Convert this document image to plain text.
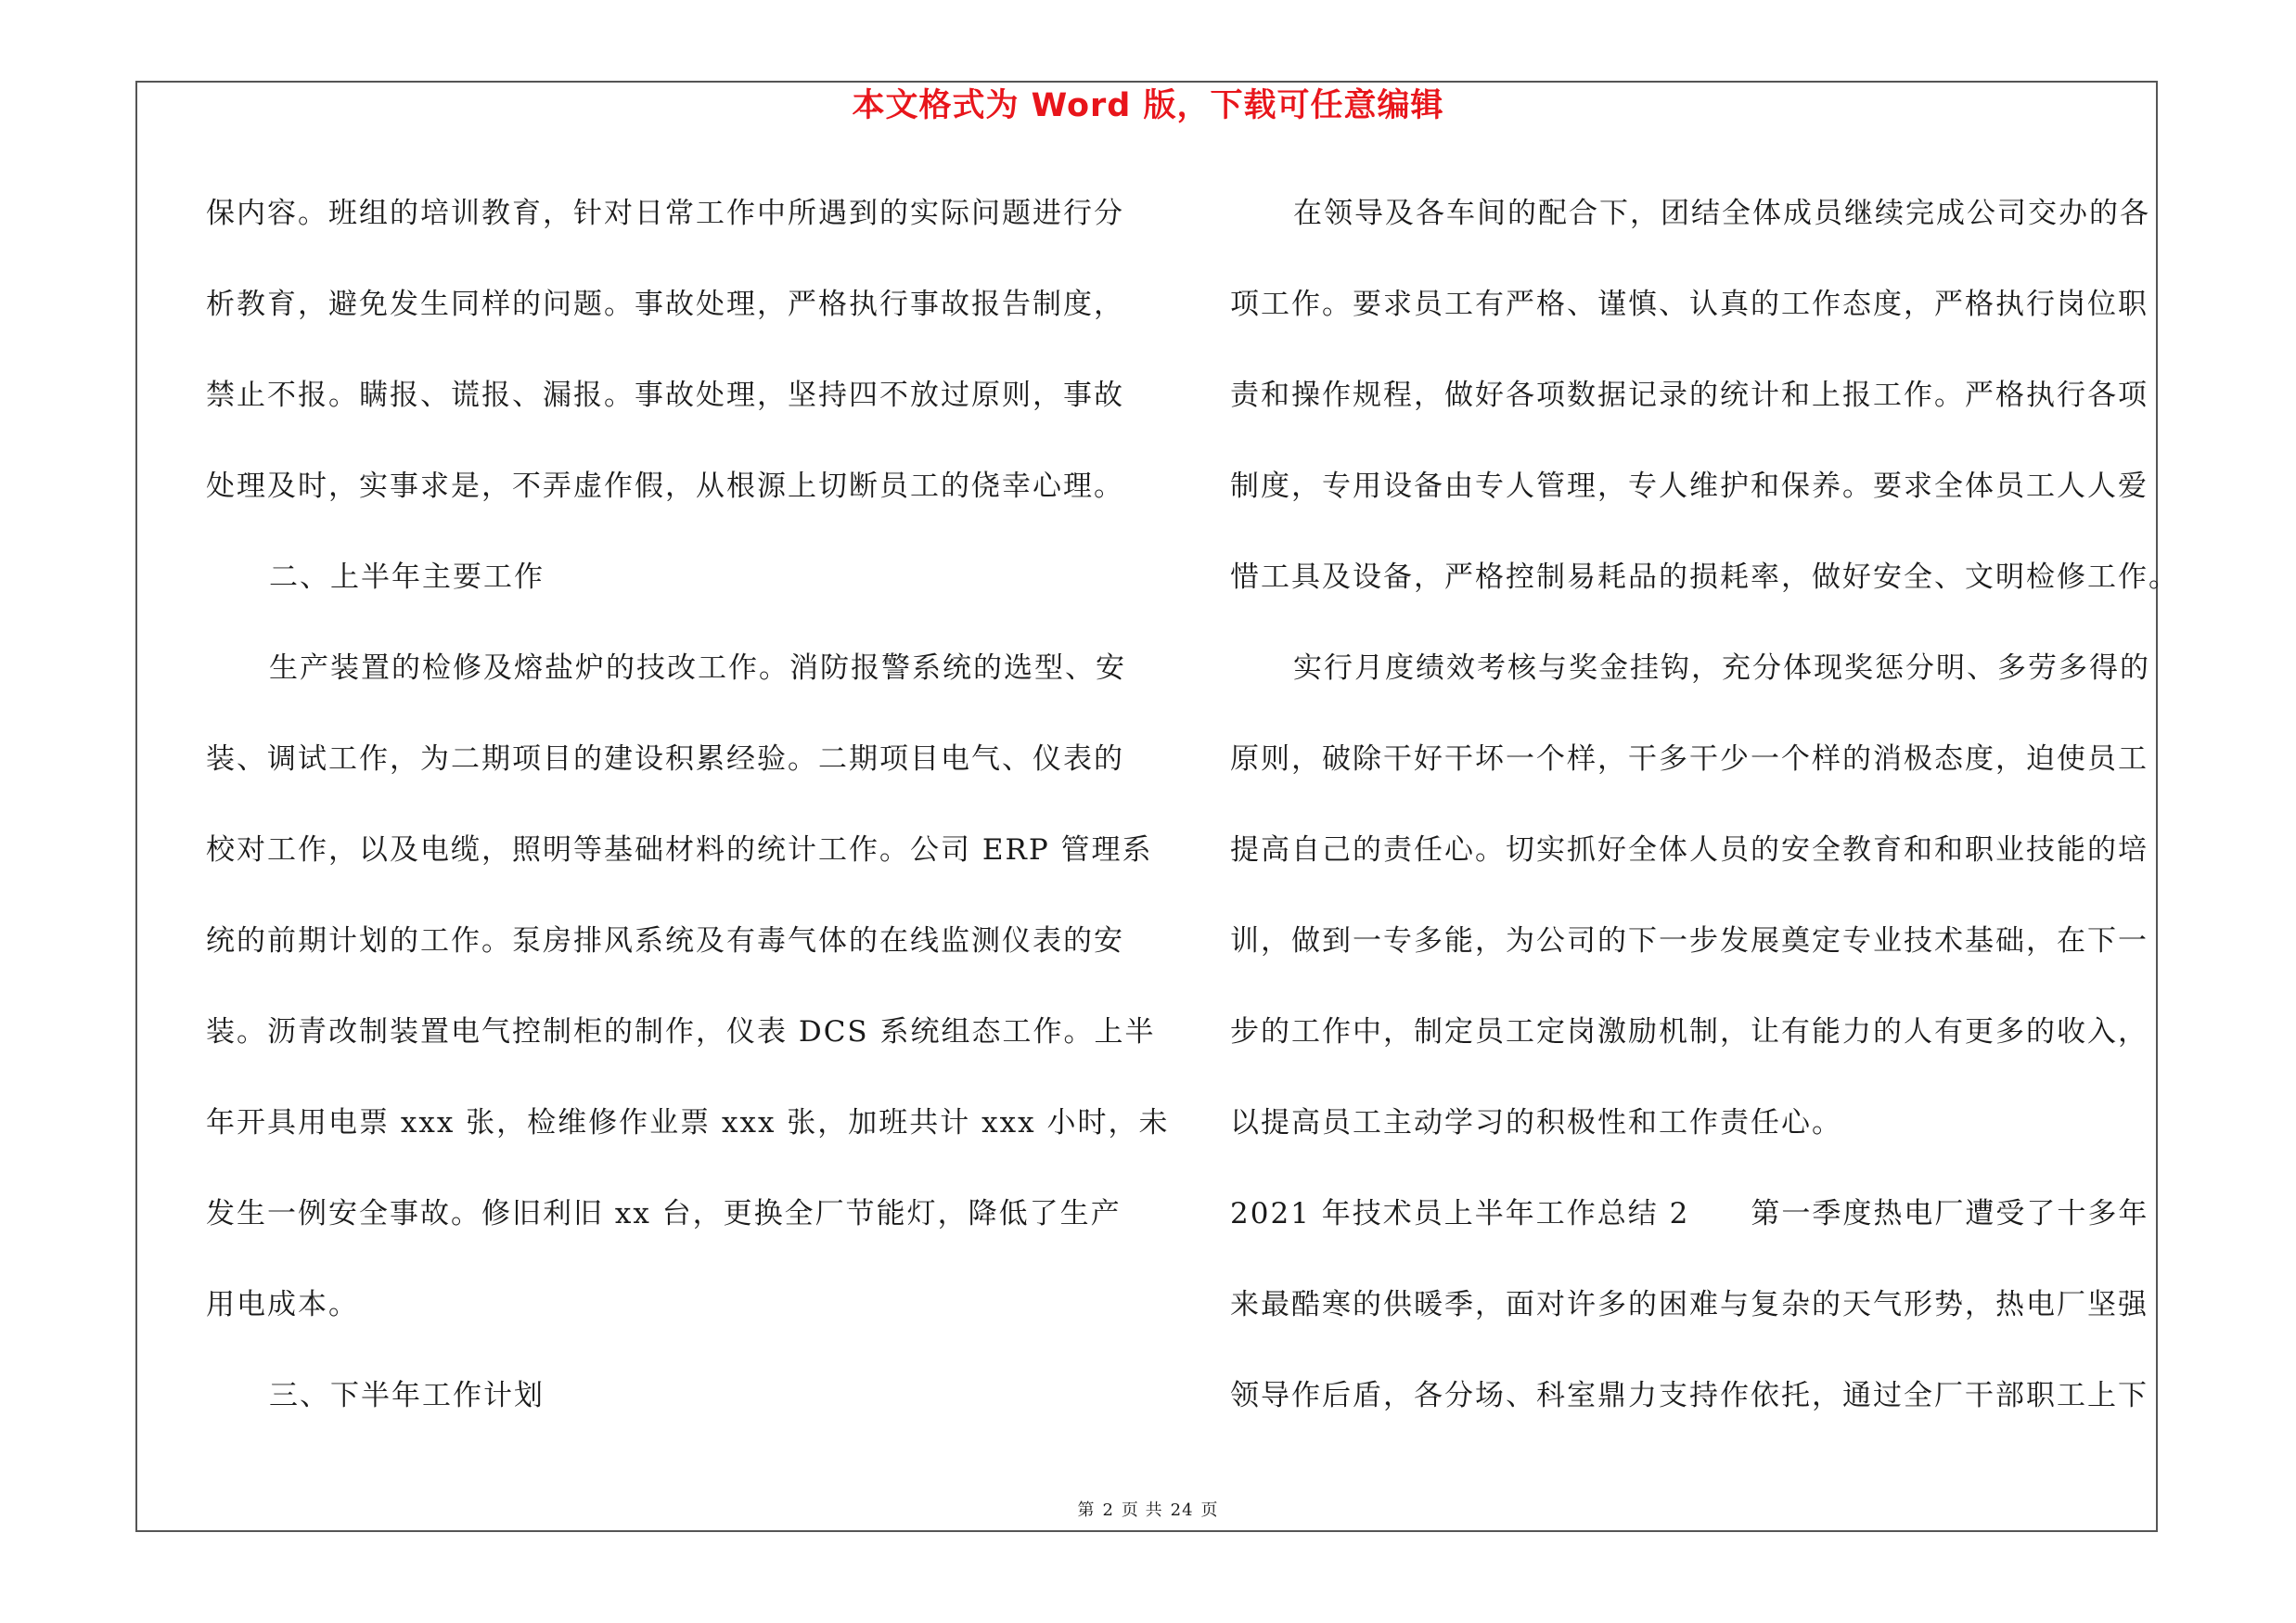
本文格式为 Word 版，下载可任意编辑
保内容。班组的培训教育，针对日常工作中所遇到的实际问题进行分
析教育，避免发生同样的问题。事故处理，严格执行事故报告制度，
禁止不报。瞒报、谎报、漏报。事故处理，坚持四不放过原则，事故
处理及时，实事求是，不弄虚作假，从根源上切断员工的侥幸心理。
二、上半年主要工作
生产装置的检修及熔盐炉的技改工作。消防报警系统的选型、安
装、调试工作，为二期项目的建设积累经验。二期项目电气、仪表的
校对工作，以及电缆，照明等基础材料的统计工作。公司 ERP 管理系
统的前期计划的工作。泵房排风系统及有毒气体的在线监测仪表的安
装。沥青改制装置电气控制柜的制作，仪表 DCS 系统组态工作。上半
年开具用电票 xxx 张，检维修作业票 xxx 张，加班共计 xxx 小时，未
发生一例安全事故。修旧利旧 xx 台，更换全厂节能灯，降低了生产
用电成本。
三、下半年工作计划
在领导及各车间的配合下，团结全体成员继续完成公司交办的各
项工作。要求员工有严格、谨慎、认真的工作态度，严格执行岗位职
责和操作规程，做好各项数据记录的统计和上报工作。严格执行各项
制度，专用设备由专人管理，专人维护和保养。要求全体员工人人爱
惜工具及设备，严格控制易耗品的损耗率，做好安全、文明检修工作。
实行月度绩效考核与奖金挂钩，充分体现奖惩分明、多劳多得的
原则，破除干好干坏一个样，干多干少一个样的消极态度，迫使员工
提高自己的责任心。切实抓好全体人员的安全教育和和职业技能的培
训，做到一专多能，为公司的下一步发展奠定专业技术基础，在下一
步的工作中，制定员工定岗激励机制，让有能力的人有更多的收入，
以提高员工主动学习的积极性和工作责任心。
2021 年技术员上半年工作总结 2　　第一季度热电厂遭受了十多年
来最酷寒的供暖季，面对许多的困难与复杂的天气形势，热电厂坚强
领导作后盾，各分场、科室鼎力支持作依托，通过全厂干部职工上下
第 2 页 共 24 页
